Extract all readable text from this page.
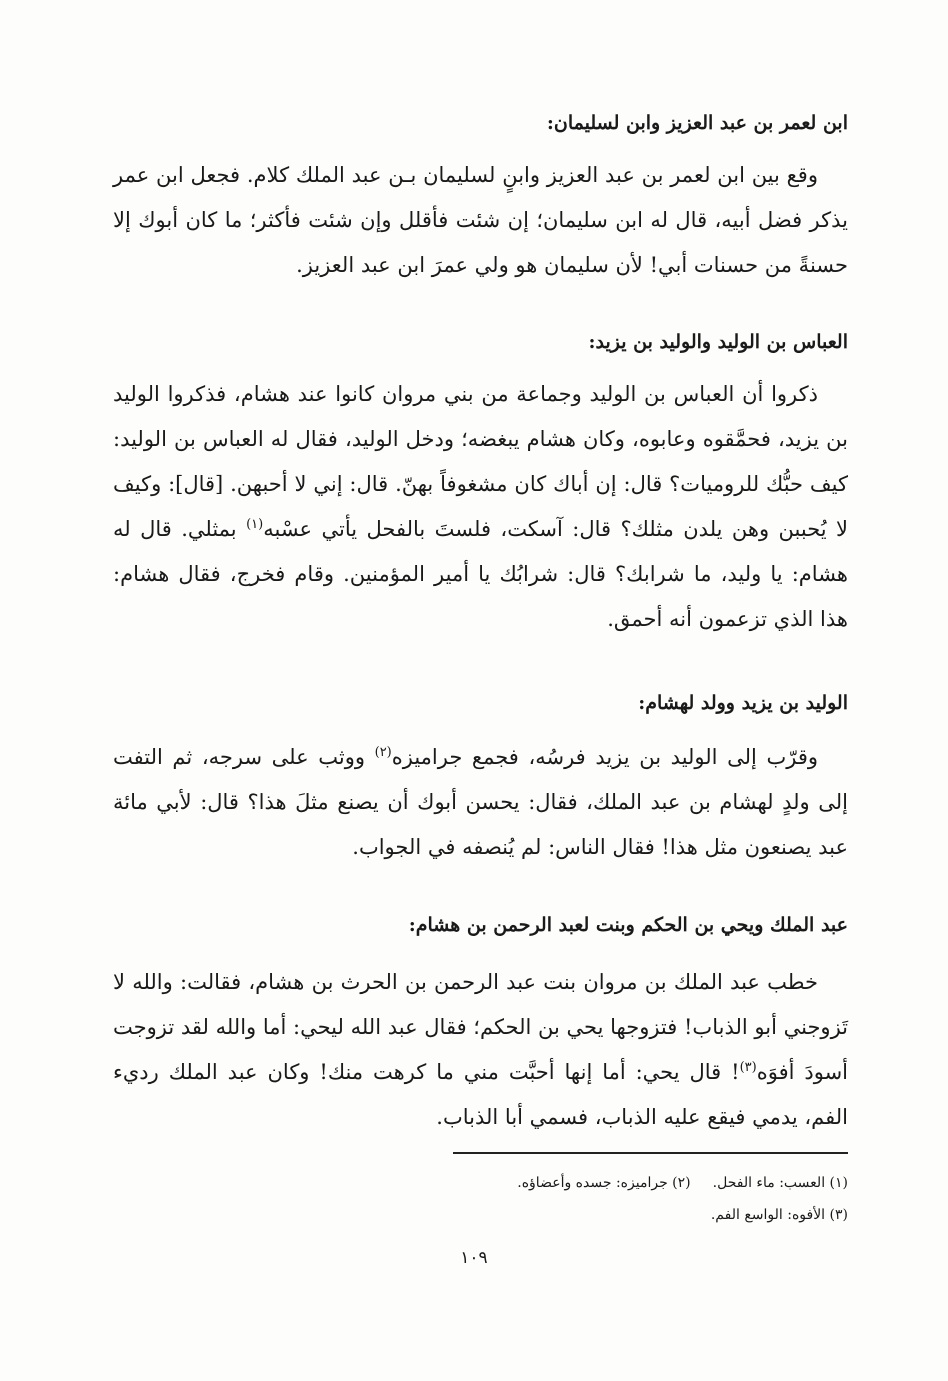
ابن لعمر بن عبد العزيز وابن لسليمان:

وقع بين ابن لعمر بن عبد العزيز وابنٍ لسليمان بـن عبد الملك كلام. فجعل ابن عمر يذكر فضل أبيه، قال له ابن سليمان؛ إن شئت فأقلل وإن شئت فأكثر؛ ما كان أبوك إلا حسنةً من حسنات أبي! لأن سليمان هو ولي عمرَ ابن عبد العزيز.

العباس بن الوليد والوليد بن يزيد:

ذكروا أن العباس بن الوليد وجماعة من بني مروان كانوا عند هشام، فذكروا الوليد بن يزيد، فحمَّقوه وعابوه، وكان هشام يبغضه؛ ودخل الوليد، فقال له العباس بن الوليد: كيف حبُّك للروميات؟ قال: إن أباك كان مشغوفاً بهنّ. قال: إني لا أحبهن. [قال]: وكيف لا يُحببن وهن يلدن مثلك؟ قال: آسكت، فلستَ بالفحل يأتي عسْبه$^{(١)}$ بمثلي. قال له هشام: يا وليد، ما شرابك؟ قال: شرابُك يا أمير المؤمنين. وقام فخرج، فقال هشام: هذا الذي تزعمون أنه أحمق.

الوليد بن يزيد وولد لهشام:

وقرّب إلى الوليد بن يزيد فرسُه، فجمع جراميزه$^{(٢)}$ ووثب على سرجه، ثم التفت إلى ولدٍ لهشام بن عبد الملك، فقال: يحسن أبوك أن يصنع مثلَ هذا؟ قال: لأبي مائة عبد يصنعون مثل هذا! فقال الناس: لم يُنصفه في الجواب.

عبد الملك ويحي بن الحكم وبنت لعبد الرحمن بن هشام:

خطب عبد الملك بن مروان بنت عبد الرحمن بن الحرث بن هشام، فقالت: والله لا تَزوجني أبو الذباب! فتزوجها يحي بن الحكم؛ فقال عبد الله ليحي: أما والله لقد تزوجت أسودَ أفوَه$^{(٣)}$! قال يحي: أما إنها أحبَّت مني ما كرهت منك! وكان عبد الملك رديء الفم، يدمي فيقع عليه الذباب، فسمي أبا الذباب.

(١) العسب: ماء الفحل.(٢) جراميزه: جسده وأعضاؤه.
(٣) الأفوه: الواسع الفم.
١٠٩
